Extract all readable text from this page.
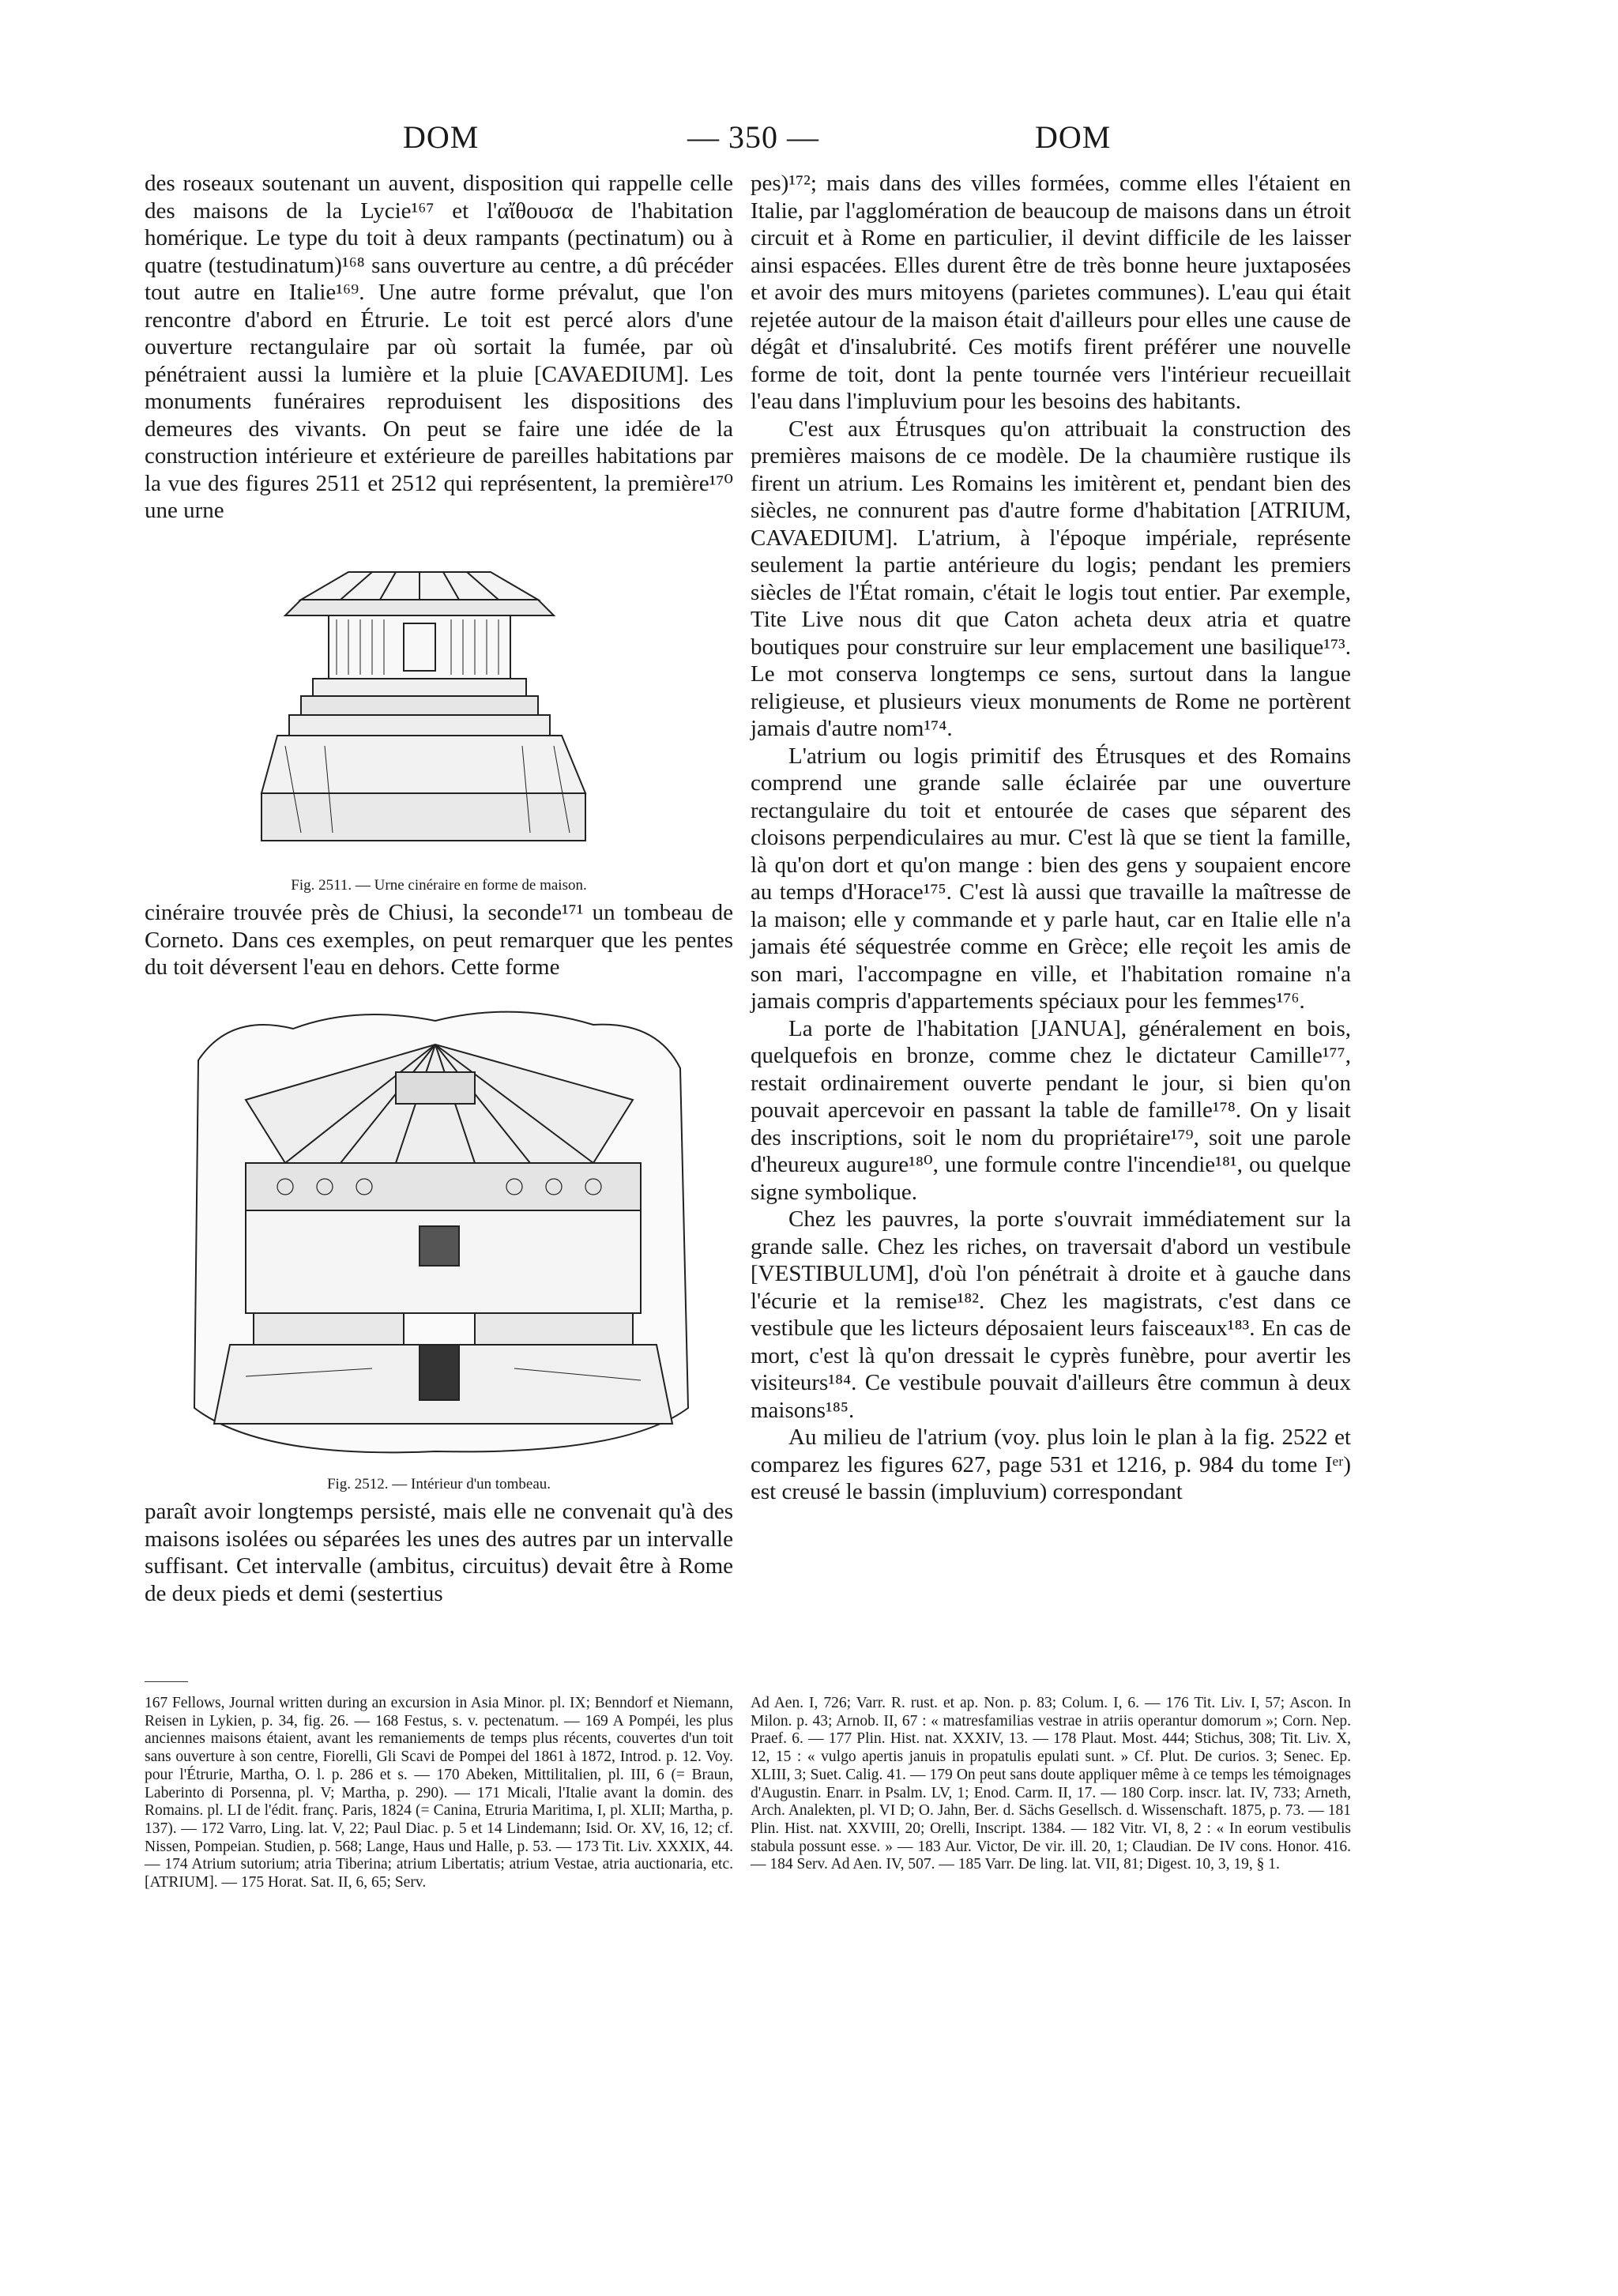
DOM	— 350 —	DOM

des roseaux soutenant un auvent, disposition qui rappelle celle des maisons de la Lycie¹⁶⁷ et l'αἴθουσα de l'habitation homérique. Le type du toit à deux rampants (pectinatum) ou à quatre (testudinatum)¹⁶⁸ sans ouverture au centre, a dû précéder tout autre en Italie¹⁶⁹. Une autre forme prévalut, que l'on rencontre d'abord en Étrurie. Le toit est percé alors d'une ouverture rectangulaire par où sortait la fumée, par où pénétraient aussi la lumière et la pluie [CAVAEDIUM]. Les monuments funéraires reproduisent les dispositions des demeures des vivants. On peut se faire une idée de la construction intérieure et extérieure de pareilles habitations par la vue des figures 2511 et 2512 qui représentent, la première¹⁷⁰ une urne

Fig. 2511. — Urne cinéraire en forme de maison.

cinéraire trouvée près de Chiusi, la seconde¹⁷¹ un tombeau de Corneto. Dans ces exemples, on peut remarquer que les pentes du toit déversent l'eau en dehors. Cette forme

Fig. 2512. — Intérieur d'un tombeau.

paraît avoir longtemps persisté, mais elle ne convenait qu'à des maisons isolées ou séparées les unes des autres par un intervalle suffisant. Cet intervalle (ambitus, circuitus) devait être à Rome de deux pieds et demi (sestertius

pes)¹⁷²; mais dans des villes formées, comme elles l'étaient en Italie, par l'agglomération de beaucoup de maisons dans un étroit circuit et à Rome en particulier, il devint difficile de les laisser ainsi espacées. Elles durent être de très bonne heure juxtaposées et avoir des murs mitoyens (parietes communes). L'eau qui était rejetée autour de la maison était d'ailleurs pour elles une cause de dégât et d'insalubrité. Ces motifs firent préférer une nouvelle forme de toit, dont la pente tournée vers l'intérieur recueillait l'eau dans l'impluvium pour les besoins des habitants.

C'est aux Étrusques qu'on attribuait la construction des premières maisons de ce modèle. De la chaumière rustique ils firent un atrium. Les Romains les imitèrent et, pendant bien des siècles, ne connurent pas d'autre forme d'habitation [ATRIUM, CAVAEDIUM]. L'atrium, à l'époque impériale, représente seulement la partie antérieure du logis; pendant les premiers siècles de l'État romain, c'était le logis tout entier. Par exemple, Tite Live nous dit que Caton acheta deux atria et quatre boutiques pour construire sur leur emplacement une basilique¹⁷³. Le mot conserva longtemps ce sens, surtout dans la langue religieuse, et plusieurs vieux monuments de Rome ne portèrent jamais d'autre nom¹⁷⁴.

L'atrium ou logis primitif des Étrusques et des Romains comprend une grande salle éclairée par une ouverture rectangulaire du toit et entourée de cases que séparent des cloisons perpendiculaires au mur. C'est là que se tient la famille, là qu'on dort et qu'on mange : bien des gens y soupaient encore au temps d'Horace¹⁷⁵. C'est là aussi que travaille la maîtresse de la maison; elle y commande et y parle haut, car en Italie elle n'a jamais été séquestrée comme en Grèce; elle reçoit les amis de son mari, l'accompagne en ville, et l'habitation romaine n'a jamais compris d'appartements spéciaux pour les femmes¹⁷⁶.

La porte de l'habitation [JANUA], généralement en bois, quelquefois en bronze, comme chez le dictateur Camille¹⁷⁷, restait ordinairement ouverte pendant le jour, si bien qu'on pouvait apercevoir en passant la table de famille¹⁷⁸. On y lisait des inscriptions, soit le nom du propriétaire¹⁷⁹, soit une parole d'heureux augure¹⁸⁰, une formule contre l'incendie¹⁸¹, ou quelque signe symbolique.

Chez les pauvres, la porte s'ouvrait immédiatement sur la grande salle. Chez les riches, on traversait d'abord un vestibule [VESTIBULUM], d'où l'on pénétrait à droite et à gauche dans l'écurie et la remise¹⁸². Chez les magistrats, c'est dans ce vestibule que les licteurs déposaient leurs faisceaux¹⁸³. En cas de mort, c'est là qu'on dressait le cyprès funèbre, pour avertir les visiteurs¹⁸⁴. Ce vestibule pouvait d'ailleurs être commun à deux maisons¹⁸⁵.

Au milieu de l'atrium (voy. plus loin le plan à la fig. 2522 et comparez les figures 627, page 531 et 1216, p. 984 du tome Iᵉʳ) est creusé le bassin (impluvium) correspondant

167 Fellows, Journal written during an excursion in Asia Minor. pl. IX; Benndorf et Niemann, Reisen in Lykien, p. 34, fig. 26. — 168 Festus, s. v. pectenatum. — 169 A Pompéi, les plus anciennes maisons étaient, avant les remaniements de temps plus récents, couvertes d'un toit sans ouverture à son centre, Fiorelli, Gli Scavi de Pompei del 1861 à 1872, Introd. p. 12. Voy. pour l'Étrurie, Martha, O. l. p. 286 et s. — 170 Abeken, Mittilitalien, pl. III, 6 (= Braun, Laberinto di Porsenna, pl. V; Martha, p. 290). — 171 Micali, l'Italie avant la domin. des Romains. pl. LI de l'édit. franç. Paris, 1824 (= Canina, Etruria Maritima, I, pl. XLII; Martha, p. 137). — 172 Varro, Ling. lat. V, 22; Paul Diac. p. 5 et 14 Lindemann; Isid. Or. XV, 16, 12; cf. Nissen, Pompeian. Studien, p. 568; Lange, Haus und Halle, p. 53. — 173 Tit. Liv. XXXIX, 44. — 174 Atrium sutorium; atria Tiberina; atrium Libertatis; atrium Vestae, atria auctionaria, etc. [ATRIUM]. — 175 Horat. Sat. II, 6, 65; Serv.
Ad Aen. I, 726; Varr. R. rust. et ap. Non. p. 83; Colum. I, 6. — 176 Tit. Liv. I, 57; Ascon. In Milon. p. 43; Arnob. II, 67 : « matresfamilias vestrae in atriis operantur domorum »; Corn. Nep. Praef. 6. — 177 Plin. Hist. nat. XXXIV, 13. — 178 Plaut. Most. 444; Stichus, 308; Tit. Liv. X, 12, 15 : « vulgo apertis januis in propatulis epulati sunt. » Cf. Plut. De curios. 3; Senec. Ep. XLIII, 3; Suet. Calig. 41. — 179 On peut sans doute appliquer même à ce temps les témoignages d'Augustin. Enarr. in Psalm. LV, 1; Enod. Carm. II, 17. — 180 Corp. inscr. lat. IV, 733; Arneth, Arch. Analekten, pl. VI D; O. Jahn, Ber. d. Sächs Gesellsch. d. Wissenschaft. 1875, p. 73. — 181 Plin. Hist. nat. XXVIII, 20; Orelli, Inscript. 1384. — 182 Vitr. VI, 8, 2 : « In eorum vestibulis stabula possunt esse. » — 183 Aur. Victor, De vir. ill. 20, 1; Claudian. De IV cons. Honor. 416. — 184 Serv. Ad Aen. IV, 507. — 185 Varr. De ling. lat. VII, 81; Digest. 10, 3, 19, § 1.
